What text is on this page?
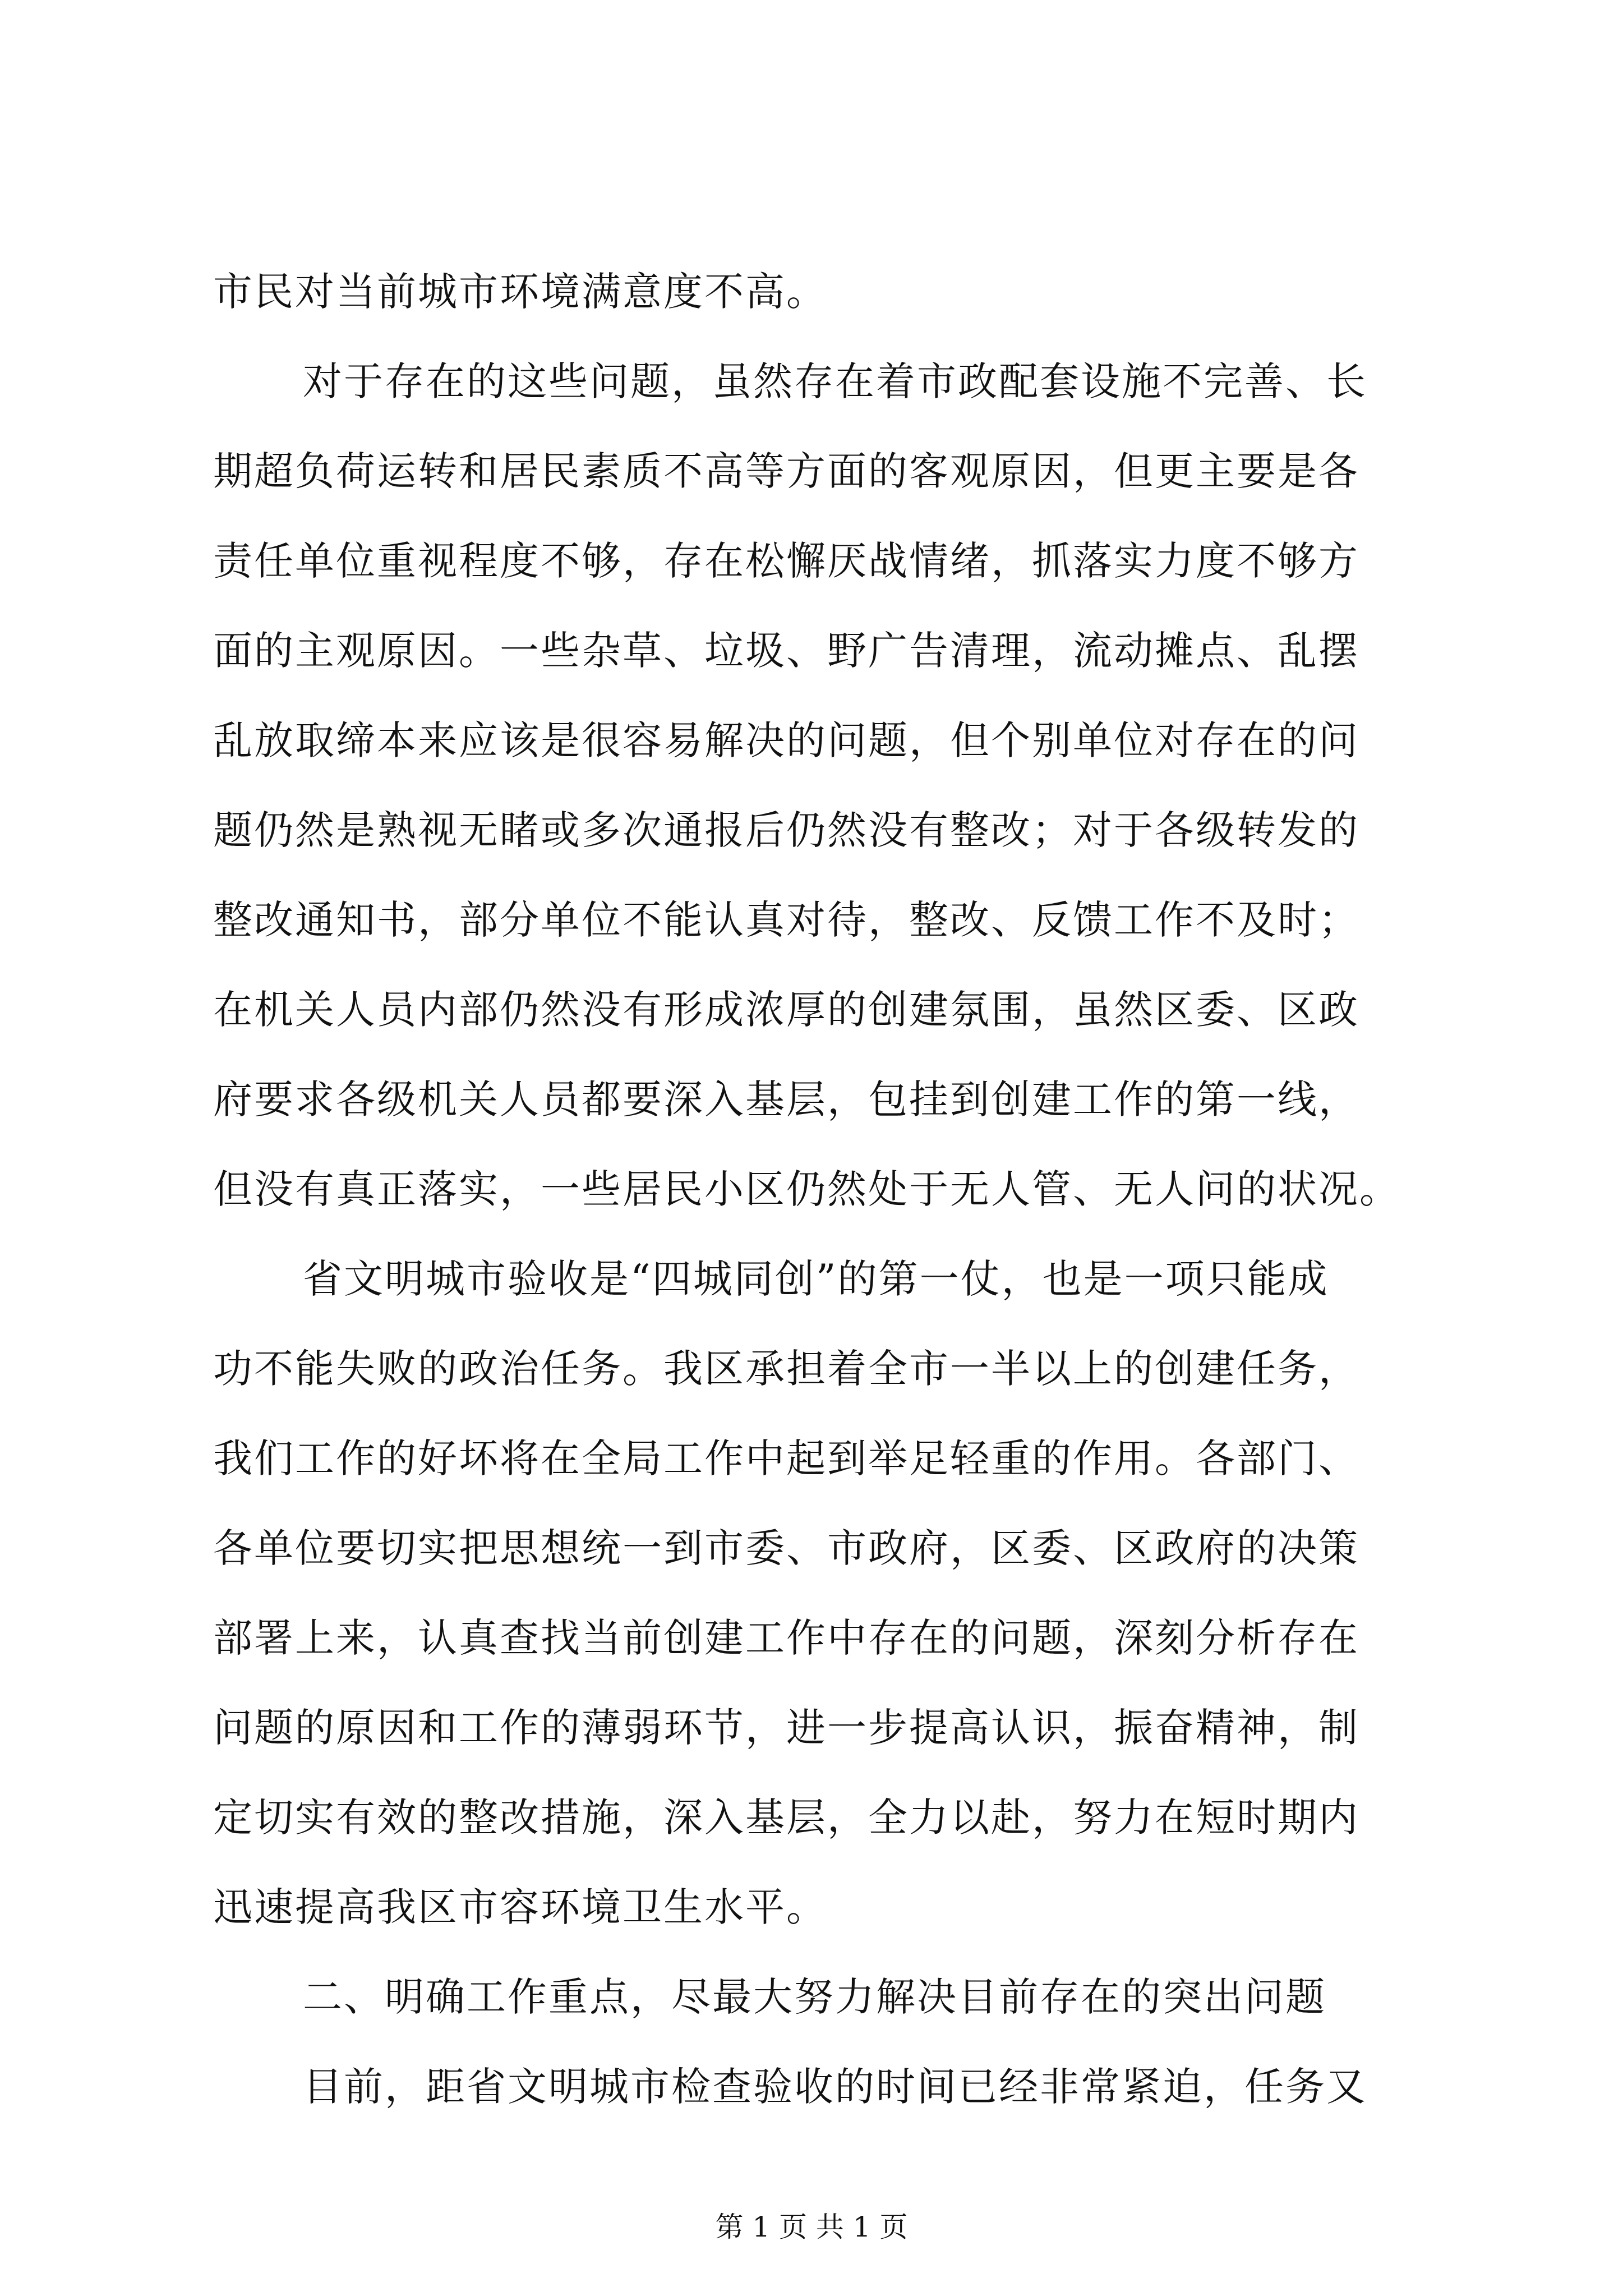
市民对当前城市环境满意度不高。
对于存在的这些问题，虽然存在着市政配套设施不完善、长
期超负荷运转和居民素质不高等方面的客观原因，但更主要是各
责任单位重视程度不够，存在松懈厌战情绪，抓落实力度不够方
面的主观原因。一些杂草、垃圾、野广告清理，流动摊点、乱摆
乱放取缔本来应该是很容易解决的问题，但个别单位对存在的问
题仍然是熟视无睹或多次通报后仍然没有整改；对于各级转发的
整改通知书，部分单位不能认真对待，整改、反馈工作不及时；
在机关人员内部仍然没有形成浓厚的创建氛围，虽然区委、区政
府要求各级机关人员都要深入基层，包挂到创建工作的第一线，
但没有真正落实，一些居民小区仍然处于无人管、无人问的状况。
省文明城市验收是“四城同创”的第一仗，也是一项只能成
功不能失败的政治任务。我区承担着全市一半以上的创建任务，
我们工作的好坏将在全局工作中起到举足轻重的作用。各部门、
各单位要切实把思想统一到市委、市政府，区委、区政府的决策
部署上来，认真查找当前创建工作中存在的问题，深刻分析存在
问题的原因和工作的薄弱环节，进一步提高认识，振奋精神，制
定切实有效的整改措施，深入基层，全力以赴，努力在短时期内
迅速提高我区市容环境卫生水平。
二、明确工作重点，尽最大努力解决目前存在的突出问题
目前，距省文明城市检查验收的时间已经非常紧迫，任务又
第 1 页 共 1 页
